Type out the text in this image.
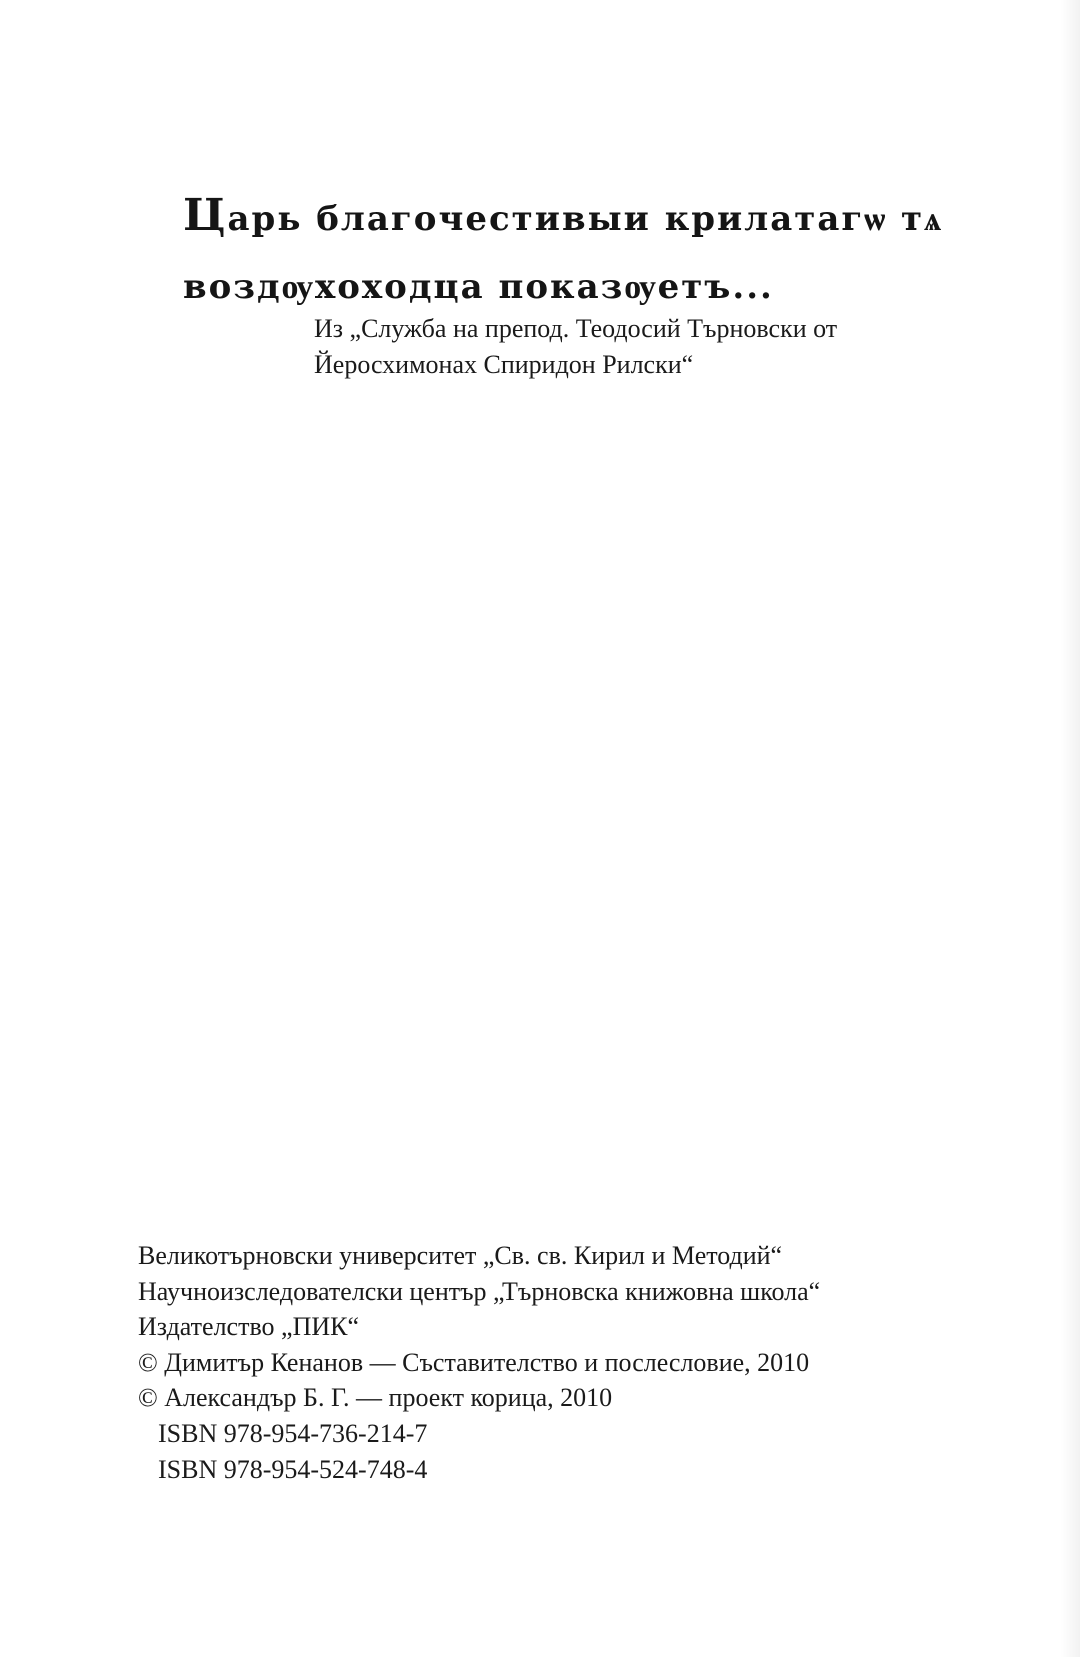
Царь благочестивыи крилатагѡ тѧ

воздѹхоходца показѹетъ...

Из „Служба на препод. Теодосий Търновски от
Йеросхимонах Спиридон Рилски“

Великотърновски университет „Св. св. Кирил и Методий“
Научноизследователски център „Търновска книжовна школа“
Издателство „ПИК“
© Димитър Кенанов — Съставителство и послесловие, 2010
© Александър Б. Г. — проект корица, 2010
ISBN 978-954-736-214-7
ISBN 978-954-524-748-4
